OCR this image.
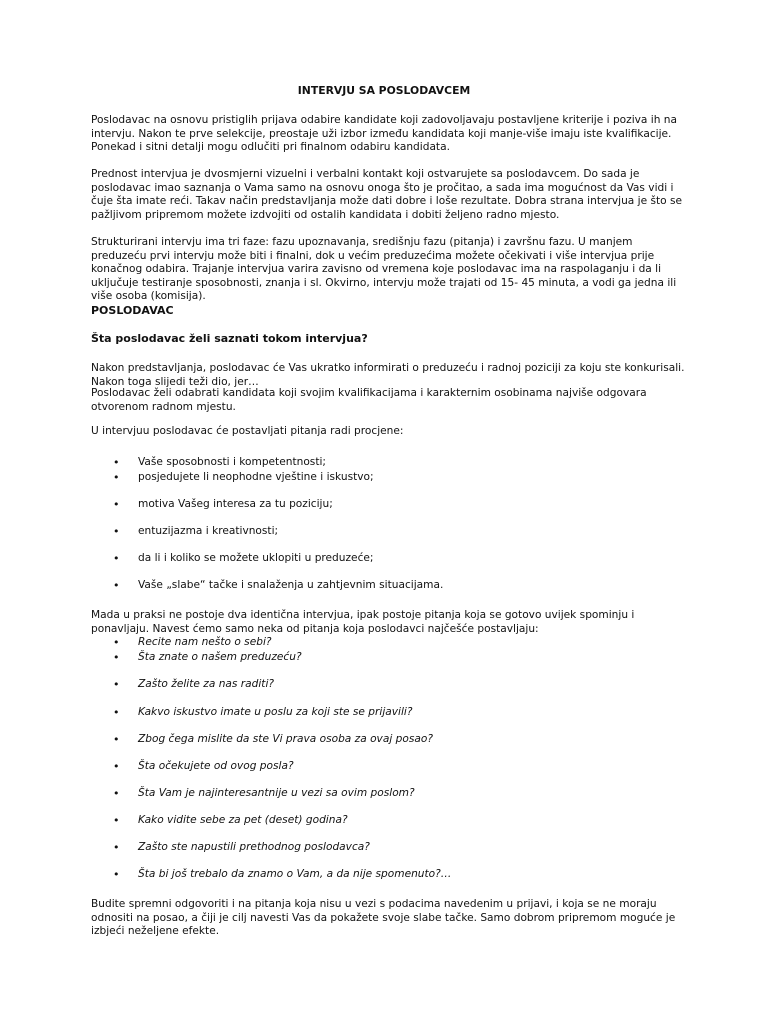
INTERVJU SA POSLODAVCEM

Poslodavac na osnovu pristiglih prijava odabire kandidate koji zadovoljavaju postavljene kriterije i poziva ih na intervju. Nakon te prve selekcije, preostaje uži izbor između kandidata koji manje-više imaju iste kvalifikacije. Ponekad i sitni detalji mogu odlučiti pri finalnom odabiru kandidata.

Prednost intervjua je dvosmjerni vizuelni i verbalni kontakt koji ostvarujete sa poslodavcem. Do sada je poslodavac imao saznanja o Vama samo na osnovu onoga što je pročitao, a sada ima mogućnost da Vas vidi i čuje šta imate reći. Takav način predstavljanja može dati dobre i loše rezultate. Dobra strana intervjua je što se pažljivom pripremom možete izdvojiti od ostalih kandidata i dobiti željeno radno mjesto.

Strukturirani intervju ima tri faze: fazu upoznavanja, središnju fazu (pitanja) i završnu fazu. U manjem preduzeću prvi intervju može biti i finalni, dok u većim preduzećima možete očekivati i više intervjua prije konačnog odabira. Trajanje intervjua varira zavisno od vremena koje poslodavac ima na raspolaganju i da li uključuje testiranje sposobnosti, znanja i sl. Okvirno, intervju može trajati od 15- 45 minuta, a vodi ga jedna ili više osoba (komisija).

POSLODAVAC

Šta poslodavac želi saznati tokom intervjua?

Nakon predstavljanja, poslodavac će Vas ukratko informirati o preduzeću i radnoj poziciji za koju ste konkurisali. Nakon toga slijedi teži dio, jer…

Poslodavac želi odabrati kandidata koji svojim kvalifikacijama i karakternim osobinama najviše odgovara otvorenom radnom mjestu.

U intervjuu poslodavac će postavljati pitanja radi procjene:

• Vaše sposobnosti i kompetentnosti;
• posjedujete li neophodne vještine i iskustvo;
• motiva Vašeg interesa za tu poziciju;
• entuzijazma i kreativnosti;
• da li i koliko se možete uklopiti u preduzeće;
• Vaše „slabe“ tačke i snalaženja u zahtjevnim situacijama.

Mada u praksi ne postoje dva identična intervjua, ipak postoje pitanja koja se gotovo uvijek spominju i ponavljaju. Navest ćemo samo neka od pitanja koja poslodavci najčešće postavljaju:

• Recite nam nešto o sebi?
• Šta znate o našem preduzeću?
• Zašto želite za nas raditi?
• Kakvo iskustvo imate u poslu za koji ste se prijavili?
• Zbog čega mislite da ste Vi prava osoba za ovaj posao?
• Šta očekujete od ovog posla?
• Šta Vam je najinteresantnije u vezi sa ovim poslom?
• Kako vidite sebe za pet (deset) godina?
• Zašto ste napustili prethodnog poslodavca?
• Šta bi još trebalo da znamo o Vam, a da nije spomenuto?…

Budite spremni odgovoriti i na pitanja koja nisu u vezi s podacima navedenim u prijavi, i koja se ne moraju odnositi na posao, a čiji je cilj navesti Vas da pokažete svoje slabe tačke. Samo dobrom pripremom moguće je izbjeći neželjene efekte.
